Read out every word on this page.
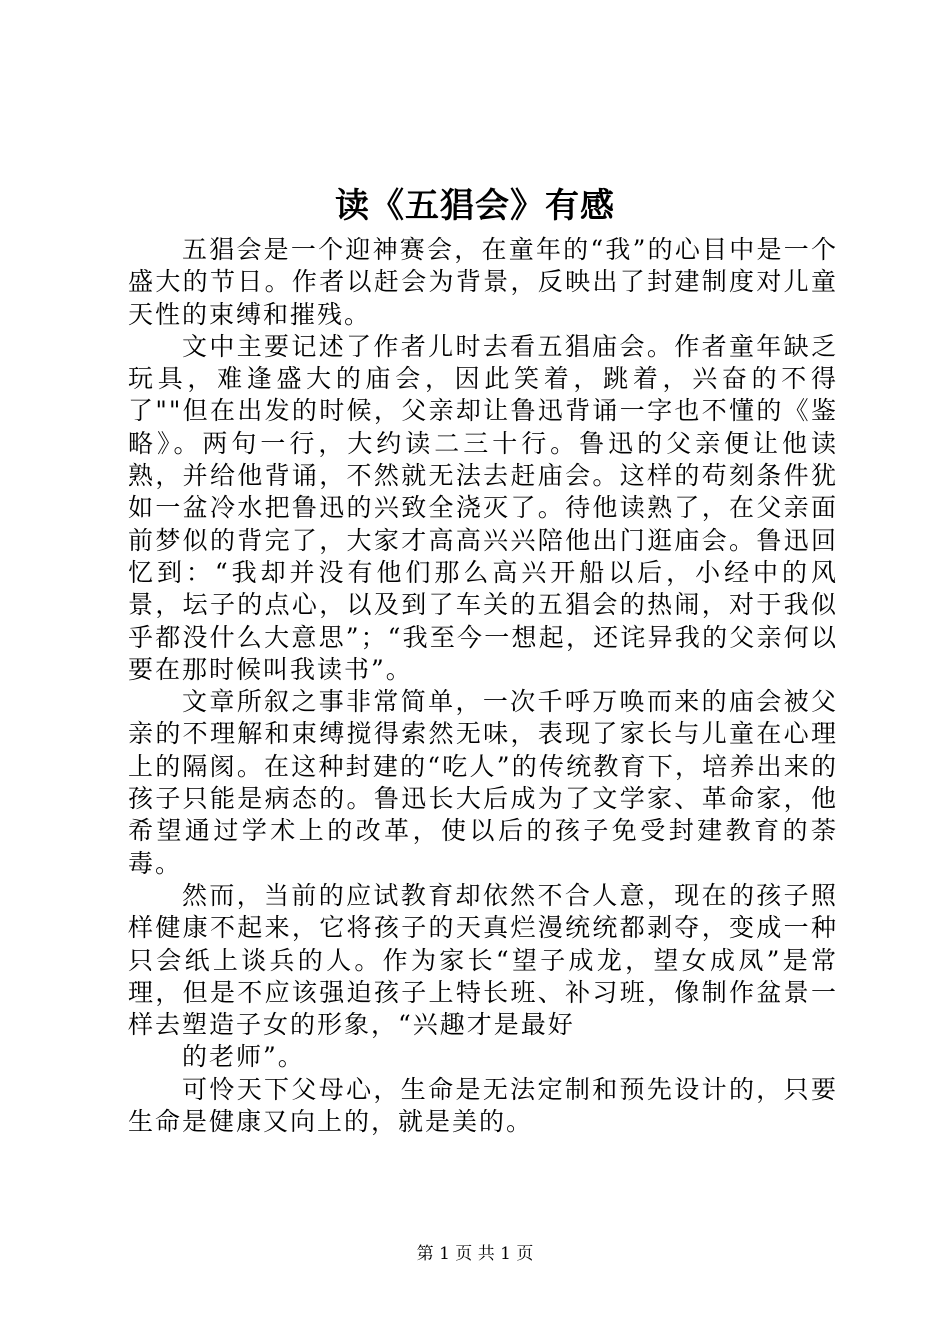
读《五猖会》有感

五猖会是一个迎神赛会，在童年的“我”的心目中是一个盛大的节日。作者以赶会为背景，反映出了封建制度对儿童天性的束缚和摧残。

文中主要记述了作者儿时去看五猖庙会。作者童年缺乏玩具，难逢盛大的庙会，因此笑着，跳着，兴奋的不得了""但在出发的时候，父亲却让鲁迅背诵一字也不懂的《鉴略》。两句一行，大约读二三十行。鲁迅的父亲便让他读熟，并给他背诵，不然就无法去赶庙会。这样的苟刻条件犹如一盆冷水把鲁迅的兴致全浇灭了。待他读熟了，在父亲面前梦似的背完了，大家才高高兴兴陪他出门逛庙会。鲁迅回忆到：“我却并没有他们那么高兴开船以后，小经中的风景，坛子的点心，以及到了车关的五猖会的热闹，对于我似乎都没什么大意思”；“我至今一想起，还诧异我的父亲何以要在那时候叫我读书”。

文章所叙之事非常简单，一次千呼万唤而来的庙会被父亲的不理解和束缚搅得索然无味，表现了家长与儿童在心理上的隔阂。在这种封建的“吃人”的传统教育下，培养出来的孩子只能是病态的。鲁迅长大后成为了文学家、革命家，他希望通过学术上的改革，使以后的孩子免受封建教育的荼毒。

然而，当前的应试教育却依然不合人意，现在的孩子照样健康不起来，它将孩子的天真烂漫统统都剥夺，变成一种只会纸上谈兵的人。作为家长“望子成龙，望女成凤”是常理，但是不应该强迫孩子上特长班、补习班，像制作盆景一样去塑造子女的形象，“兴趣才是最好

的老师”。

可怜天下父母心，生命是无法定制和预先设计的，只要生命是健康又向上的，就是美的。

第 1 页 共 1 页
